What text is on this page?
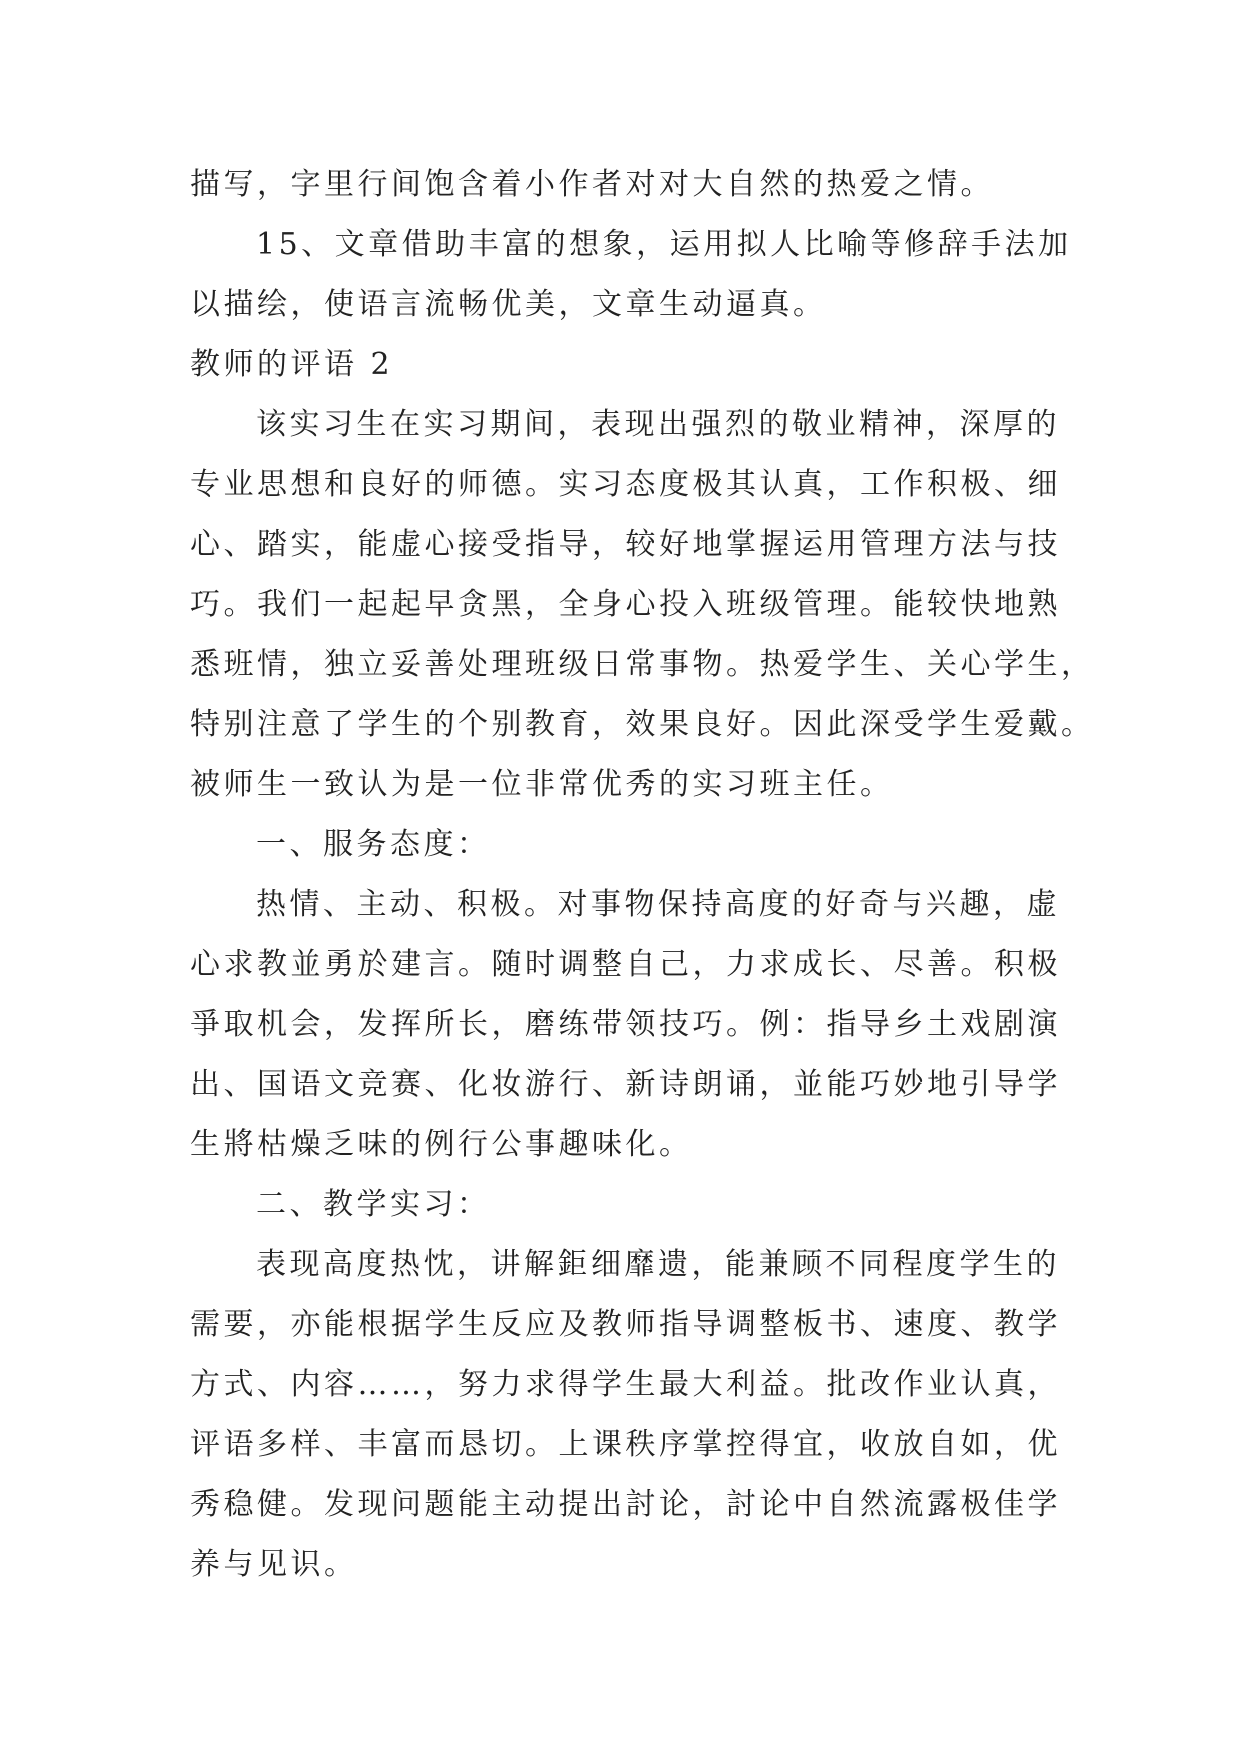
描写，字里行间饱含着小作者对对大自然的热爱之情。
15、文章借助丰富的想象，运用拟人比喻等修辞手法加
以描绘，使语言流畅优美，文章生动逼真。
教师的评语 2
该实习生在实习期间，表现出强烈的敬业精神，深厚的
专业思想和良好的师德。实习态度极其认真，工作积极、细
心、踏实，能虚心接受指导，较好地掌握运用管理方法与技
巧。我们一起起早贪黑，全身心投入班级管理。能较快地熟
悉班情，独立妥善处理班级日常事物。热爱学生、关心学生，
特别注意了学生的个别教育，效果良好。因此深受学生爱戴。
被师生一致认为是一位非常优秀的实习班主任。
一、服务态度：
热情、主动、积极。对事物保持高度的好奇与兴趣，虚
心求教並勇於建言。随时调整自己，力求成长、尽善。积极
爭取机会，发挥所长，磨练带领技巧。例：指导乡土戏剧演
出、国语文竞赛、化妆游行、新诗朗诵，並能巧妙地引导学
生將枯燥乏味的例行公事趣味化。
二、教学实习：
表现高度热忱，讲解鉅细靡遗，能兼顾不同程度学生的
需要，亦能根据学生反应及教师指导调整板书、速度、教学
方式、内容……，努力求得学生最大利益。批改作业认真，
评语多样、丰富而恳切。上课秩序掌控得宜，收放自如，优
秀稳健。发现问题能主动提出討论，討论中自然流露极佳学
养与见识。
